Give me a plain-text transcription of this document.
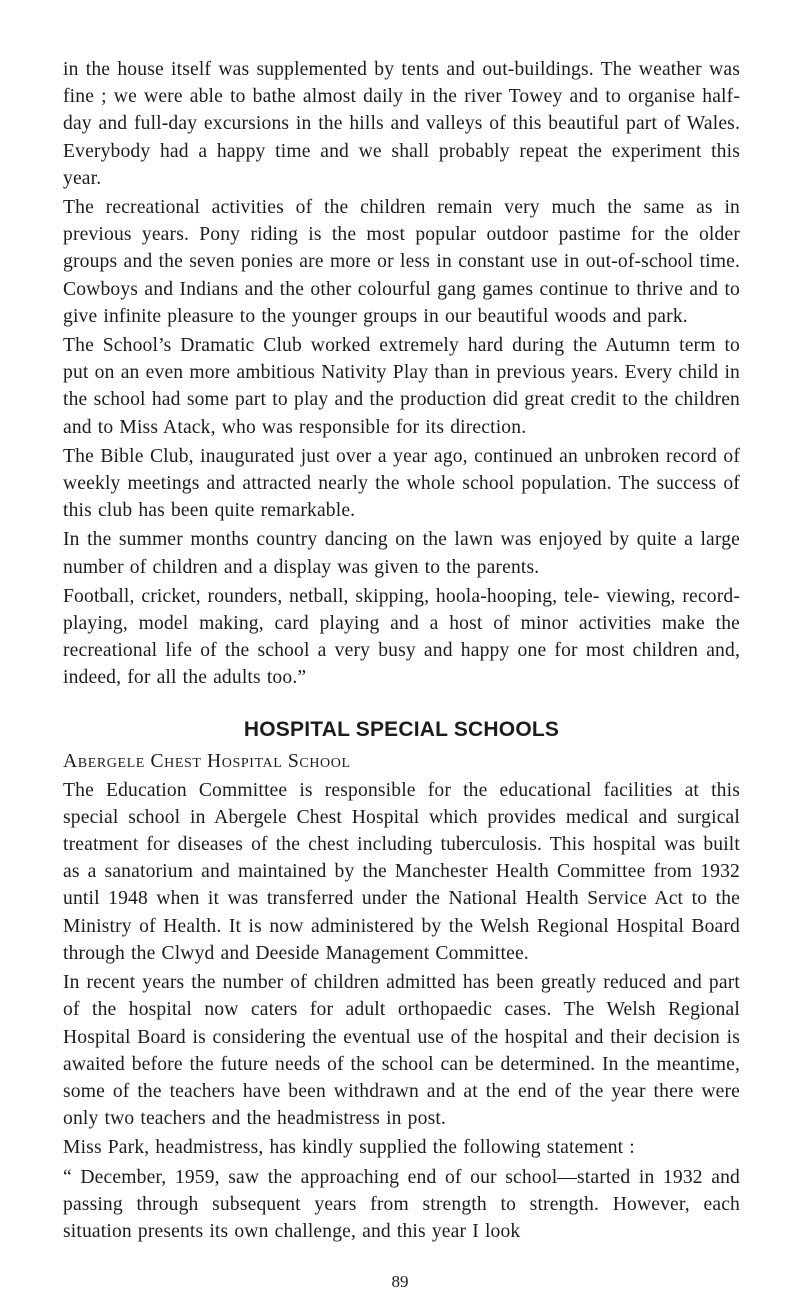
in the house itself was supplemented by tents and out-buildings. The weather was fine ; we were able to bathe almost daily in the river Towey and to organise half-day and full-day excursions in the hills and valleys of this beautiful part of Wales. Everybody had a happy time and we shall probably repeat the experiment this year.

The recreational activities of the children remain very much the same as in previous years. Pony riding is the most popular outdoor pastime for the older groups and the seven ponies are more or less in constant use in out-of-school time. Cowboys and Indians and the other colourful gang games continue to thrive and to give infinite pleasure to the younger groups in our beautiful woods and park.

The School’s Dramatic Club worked extremely hard during the Autumn term to put on an even more ambitious Nativity Play than in previous years. Every child in the school had some part to play and the production did great credit to the children and to Miss Atack, who was responsible for its direction.

The Bible Club, inaugurated just over a year ago, continued an unbroken record of weekly meetings and attracted nearly the whole school population. The success of this club has been quite remarkable.

In the summer months country dancing on the lawn was enjoyed by quite a large number of children and a display was given to the parents.

Football, cricket, rounders, netball, skipping, hoola-hooping, tele- viewing, record-playing, model making, card playing and a host of minor activities make the recreational life of the school a very busy and happy one for most children and, indeed, for all the adults too.”

HOSPITAL SPECIAL SCHOOLS
Abergele Chest Hospital School

The Education Committee is responsible for the educational facilities at this special school in Abergele Chest Hospital which provides medical and surgical treatment for diseases of the chest including tuberculosis. This hospital was built as a sanatorium and maintained by the Manchester Health Committee from 1932 until 1948 when it was transferred under the National Health Service Act to the Ministry of Health. It is now administered by the Welsh Regional Hospital Board through the Clwyd and Deeside Management Committee.

In recent years the number of children admitted has been greatly reduced and part of the hospital now caters for adult orthopaedic cases. The Welsh Regional Hospital Board is considering the eventual use of the hospital and their decision is awaited before the future needs of the school can be determined. In the meantime, some of the teachers have been withdrawn and at the end of the year there were only two teachers and the headmistress in post.

Miss Park, headmistress, has kindly supplied the following statement :

“ December, 1959, saw the approaching end of our school—started in 1932 and passing through subsequent years from strength to strength. However, each situation presents its own challenge, and this year I look

89
